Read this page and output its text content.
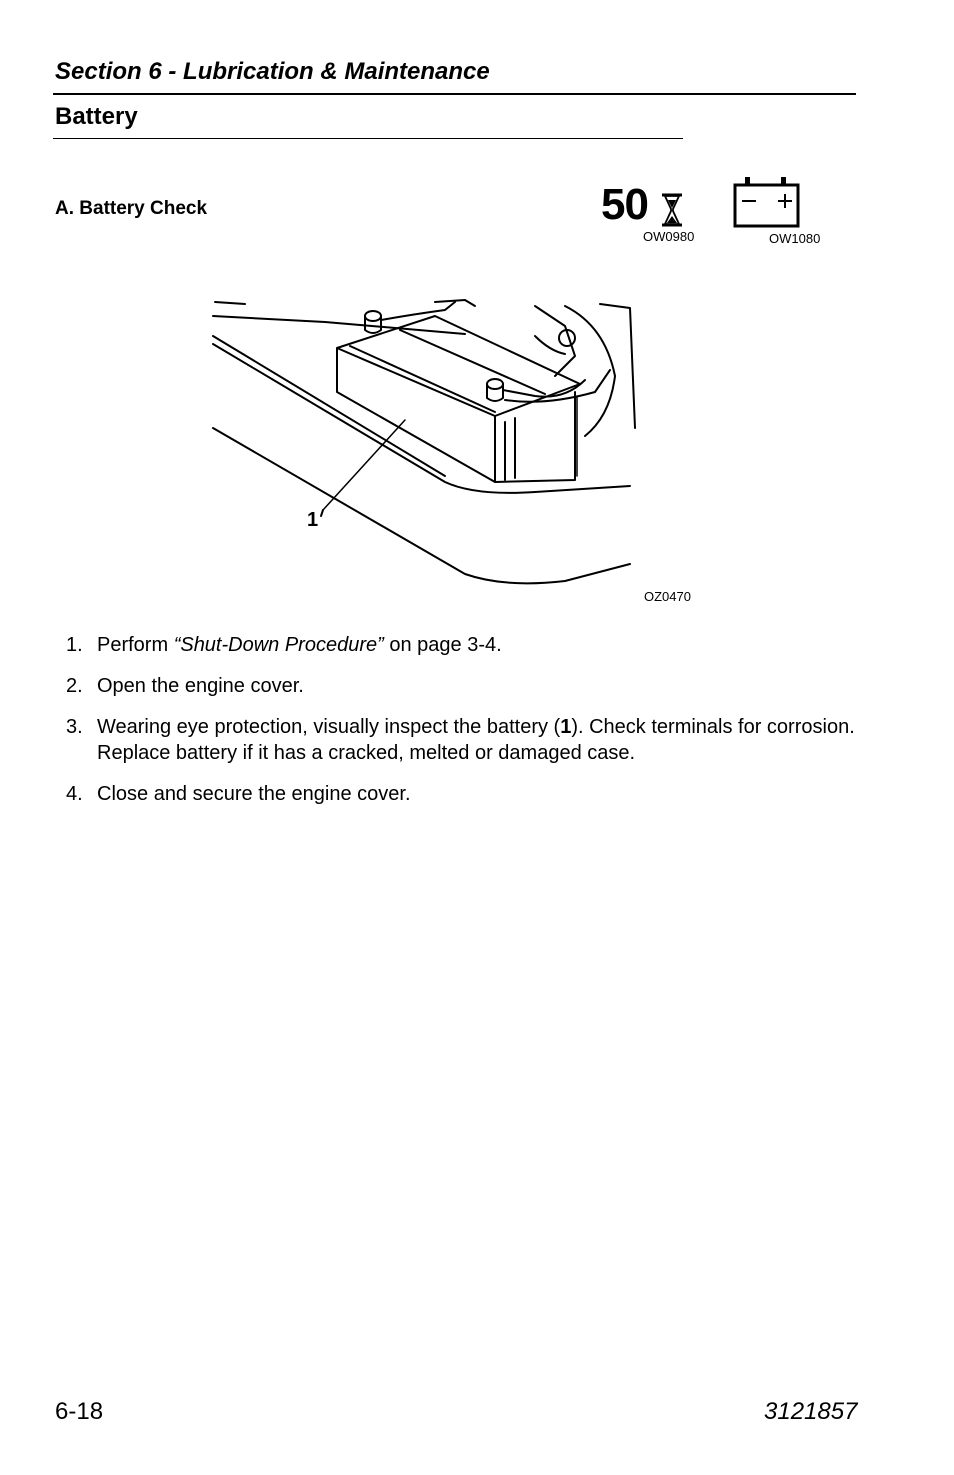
Section 6 - Lubrication & Maintenance
Battery
A. Battery Check	50
OW0980	OW1080
1
OZ0470
1. Perform “Shut-Down Procedure” on page 3-4.
2. Open the engine cover.
3. Wearing eye protection, visually inspect the battery (1). Check terminals for corrosion. Replace battery if it has a cracked, melted or damaged case.
4. Close and secure the engine cover.
6-18	3121857
